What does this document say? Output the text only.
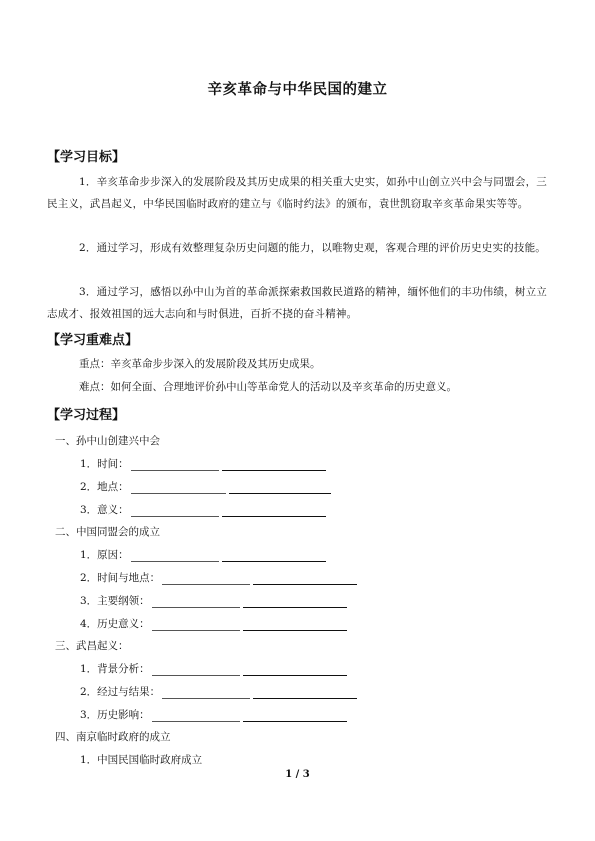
辛亥革命与中华民国的建立
【学习目标】
1．辛亥革命步步深入的发展阶段及其历史成果的相关重大史实，如孙中山创立兴中会与同盟会，三民主义，武昌起义，中华民国临时政府的建立与《临时约法》的颁布，袁世凯窃取辛亥革命果实等等。
2．通过学习，形成有效整理复杂历史问题的能力，以唯物史观，客观合理的评价历史史实的技能。
3．通过学习，感悟以孙中山为首的革命派探索救国救民道路的精神，缅怀他们的丰功伟绩，树立立志成才、报效祖国的远大志向和与时俱进，百折不挠的奋斗精神。
【学习重难点】
重点：辛亥革命步步深入的发展阶段及其历史成果。
难点：如何全面、合理地评价孙中山等革命党人的活动以及辛亥革命的历史意义。
【学习过程】
一、孙中山创建兴中会
1．时间：
2．地点：
3．意义：
二、中国同盟会的成立
1．原因：
2．时间与地点：
3．主要纲领：
4．历史意义：
三、武昌起义：
1．背景分析：
2．经过与结果：
3．历史影响：
四、南京临时政府的成立
1．中国民国临时政府成立
1 / 3
